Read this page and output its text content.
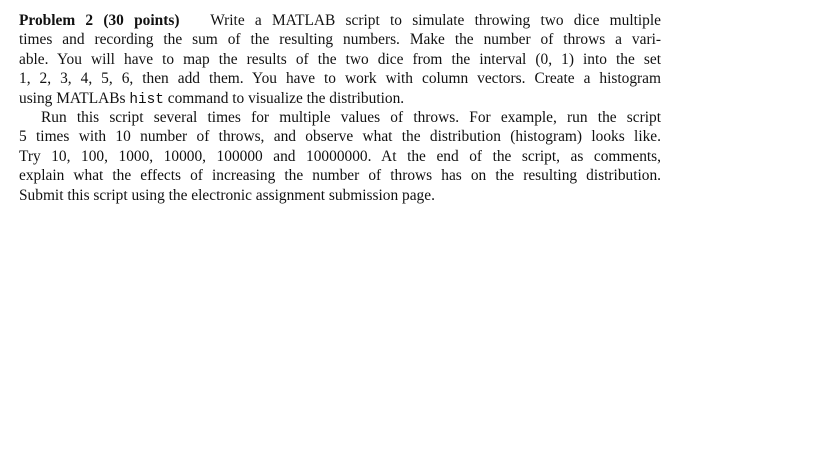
Problem 2 (30 points) Write a MATLAB script to simulate throwing two dice multiple
times and recording the sum of the resulting numbers. Make the number of throws a vari-
able. You will have to map the results of the two dice from the interval (0, 1) into the set
1, 2, 3, 4, 5, 6, then add them. You have to work with column vectors. Create a histogram
using MATLABs hist command to visualize the distribution.
Run this script several times for multiple values of throws. For example, run the script
5 times with 10 number of throws, and observe what the distribution (histogram) looks like.
Try 10, 100, 1000, 10000, 100000 and 10000000. At the end of the script, as comments,
explain what the effects of increasing the number of throws has on the resulting distribution.
Submit this script using the electronic assignment submission page.
